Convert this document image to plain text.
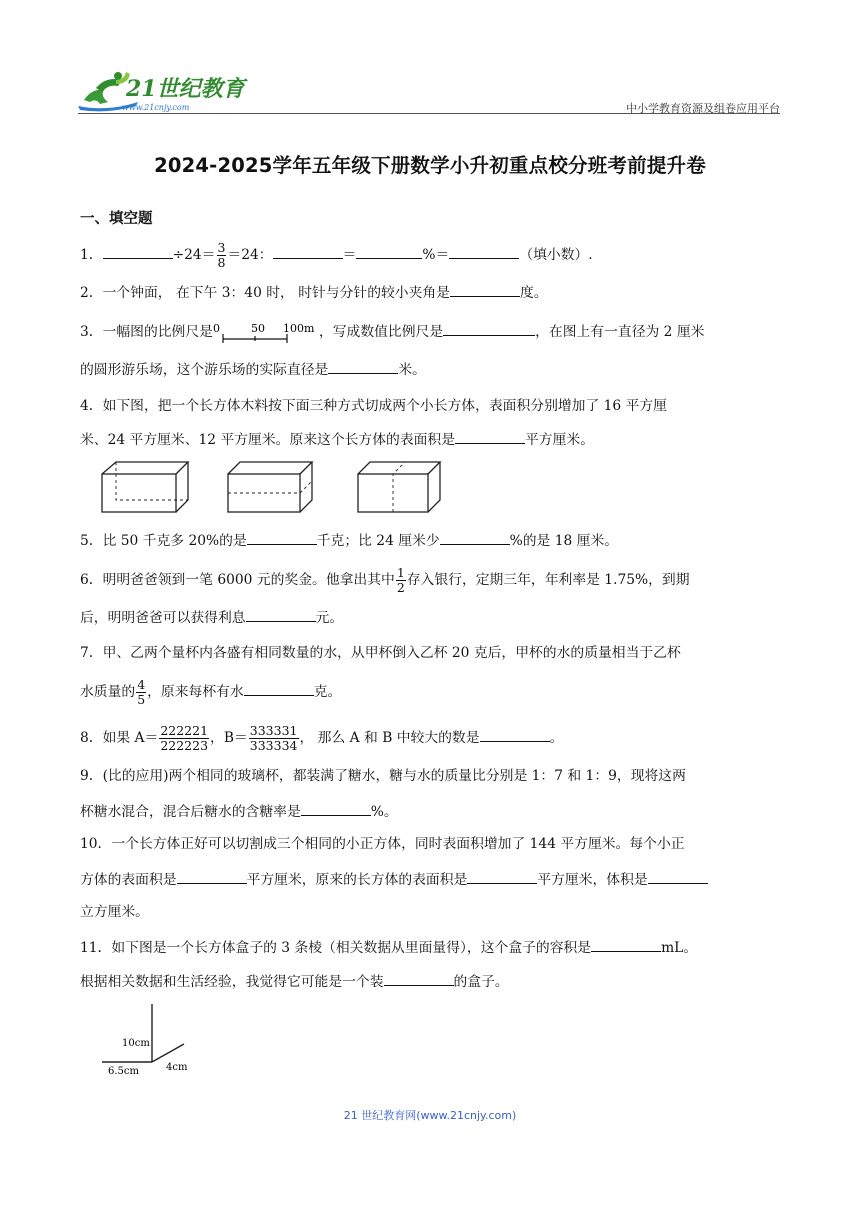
21世纪教育
www.21cnjy.com	中小学教育资源及组卷应用平台
2024-2025学年五年级下册数学小升初重点校分班考前提升卷
一、填空题
1．	$\div 24= \frac{3}{8} =24$：	＝	%＝	（填小数）.
2．一个钟面， 在下午 3：40 时， 时针与分针的较小夹角是	度。
3．一幅图的比例尺是 0	50 100m ，写成数值比例尺是	，在图上有一直径为 2 厘米
的圆形游乐场，这个游乐场的实际直径是	米。
4．如下图，把一个长方体木料按下面三种方式切成两个小长方体，表面积分别增加了 16 平方厘
米、24 平方厘米、12 平方厘米。原来这个长方体的表面积是	平方厘米。
5．比 50 千克多 20%的是	千克；比 24 厘米少	%的是 18 厘米。
6．明明爸爸领到一笔 6000 元的奖金。他拿出其中 $\frac{1}{2}$ 存入银行，定期三年，年利率是 1.75%，到期
后，明明爸爸可以获得利息	元。
7．甲、乙两个量杯内各盛有相同数量的水，从甲杯倒入乙杯 20 克后，甲杯的水的质量相当于乙杯
水质量的 $\frac{4}{5}$ ，原来每杯有水	克。
8．如果 $A= \frac{222221}{222223}$ ，$B= \frac{333331}{333334}$ ， 那么 A 和 B 中较大的数是	。
9．(比的应用)两个相同的玻璃杯，都装满了糖水，糖与水的质量比分别是 1：7 和 1：9，现将这两
杯糖水混合，混合后糖水的含糖率是	%。
10．一个长方体正好可以切割成三个相同的小正方体，同时表面积增加了 144 平方厘米。每个小正
方体的表面积是	平方厘米，原来的长方体的表面积是	平方厘米，体积是
立方厘米。
11．如下图是一个长方体盒子的 3 条棱（相关数据从里面量得），这个盒子的容积是	mL。
根据相关数据和生活经验，我觉得它可能是一个装	的盒子。
10cm
4cm
6.5cm
21 世纪教育网(www.21cnjy.com)
